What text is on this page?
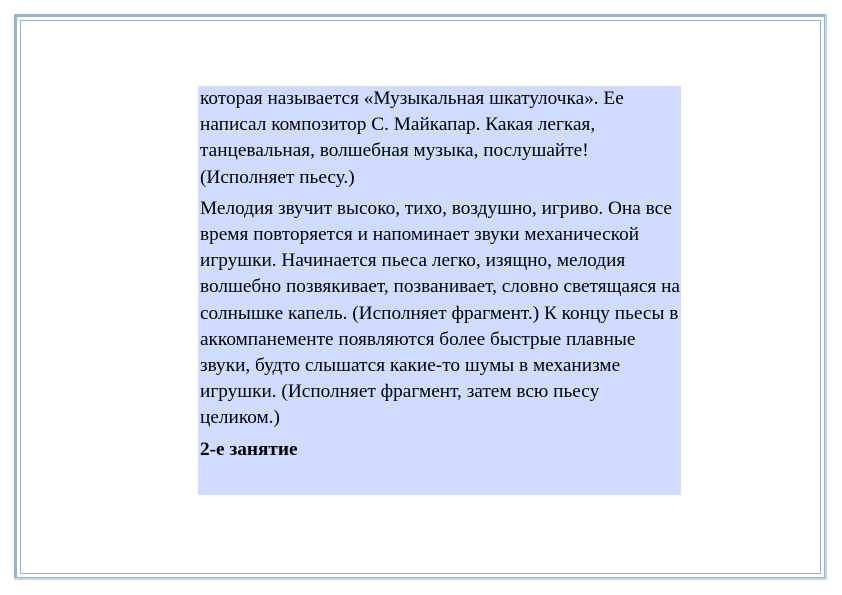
которая называется «Музыкальная шкатулочка». Ее написал композитор С. Майкапар. Какая легкая, танцевальная, волшебная музыка, послушайте! (Исполняет пьесу.)

Мелодия звучит высоко, тихо, воздушно, игриво. Она все время повторяется и напоминает звуки механической игрушки. Начинается пьеса легко, изящно, мелодия волшебно позвякивает, позванивает, словно светящаяся на солнышке капель. (Исполняет фрагмент.) К концу пьесы в аккомпанементе появляются более быстрые плавные звуки, будто слышатся какие-то шумы в механизме игрушки. (Исполняет фрагмент, затем всю пьесу целиком.)

2-е занятие
